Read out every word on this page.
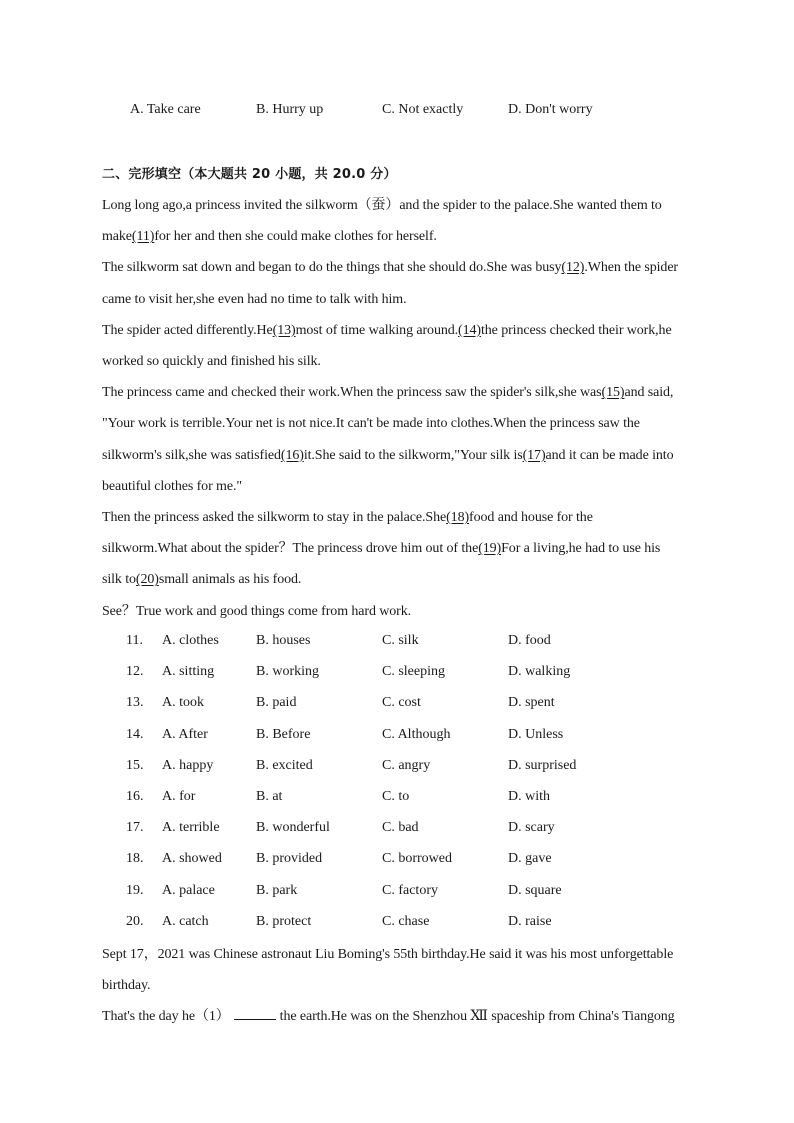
A. Take care	B. Hurry up	C. Not exactly	D. Don't worry
二、完形填空（本大题共 20 小题，共 20.0 分）
Long long ago,a princess invited the silkworm（蚕）and the spider to the palace.She wanted them to
make(11)for her and then she could make clothes for herself.
The silkworm sat down and began to do the things that she should do.She was busy(12).When the spider
came to visit her,she even had no time to talk with him.
The spider acted differently.He(13)most of time walking around.(14)the princess checked their work,he
worked so quickly and finished his silk.
The princess came and checked their work.When the princess saw the spider's silk,she was(15)and said,
"Your work is terrible.Your net is not nice.It can't be made into clothes.When the princess saw the
silkworm's silk,she was satisfied(16)it.She said to the silkworm,"Your silk is(17)and it can be made into
beautiful clothes for me."
Then the princess asked the silkworm to stay in the palace.She(18)food and house for the
silkworm.What about the spider？The princess drove him out of the(19)For a living,he had to use his
silk to(20)small animals as his food.
See？True work and good things come from hard work.
11. A. clothes	B. houses	C. silk	D. food
12. A. sitting	B. working	C. sleeping	D. walking
13. A. took	B. paid	C. cost	D. spent
14. A. After	B. Before	C. Although	D. Unless
15. A. happy	B. excited	C. angry	D. surprised
16. A. for	B. at	C. to	D. with
17. A. terrible	B. wonderful	C. bad	D. scary
18. A. showed B. provided	C. borrowed	D. gave
19. A. palace	B. park	C. factory	D. square
20. A. catch	B. protect	C. chase	D. raise
Sept 17，2021 was Chinese astronaut Liu Boming's 55th birthday.He said it was his most unforgettable
birthday.
That's the day he（1）	the earth.He was on the Shenzhou Ⅻ spaceship from China's Tiangong
